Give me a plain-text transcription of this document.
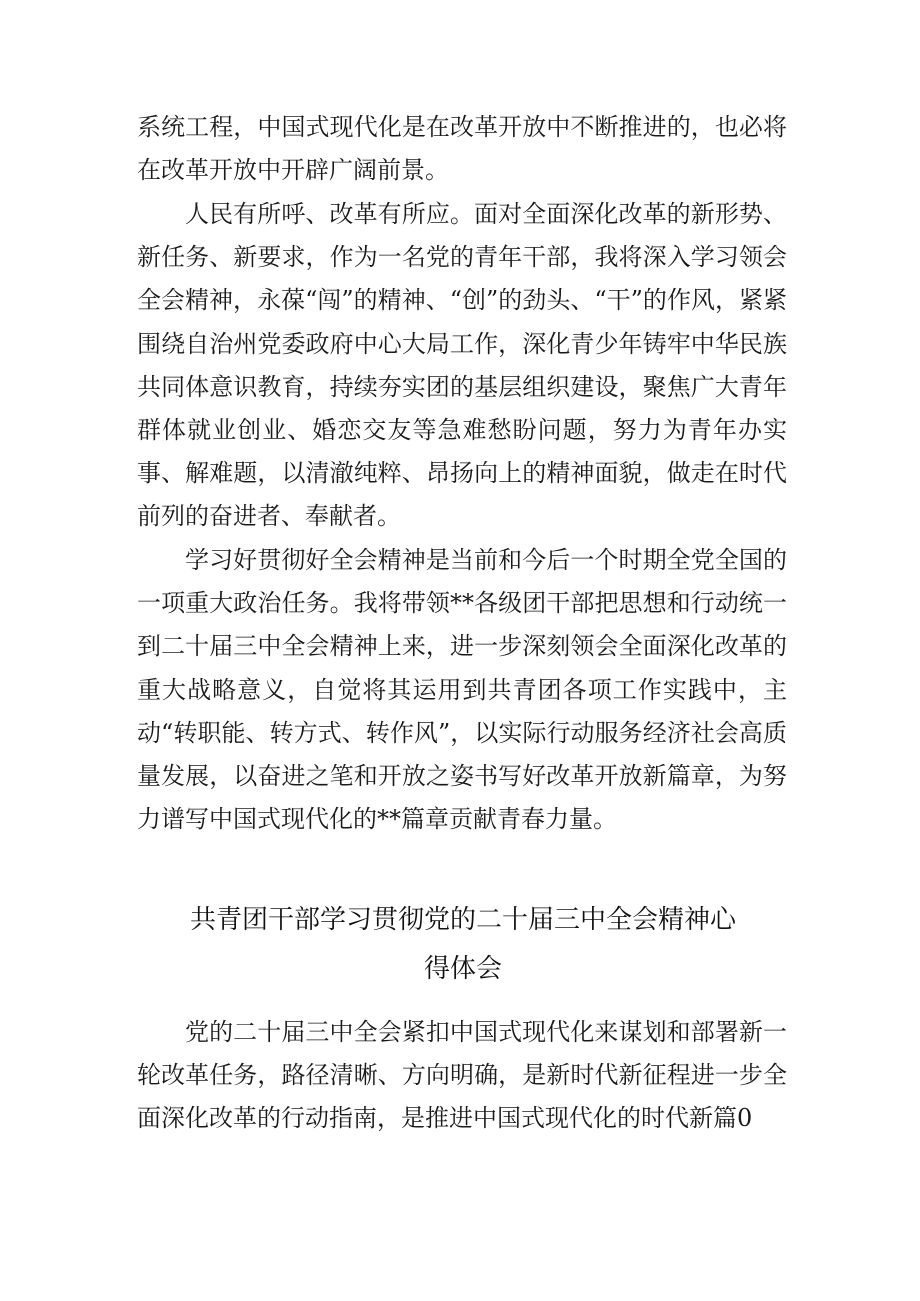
系统工程，中国式现代化是在改革开放中不断推进的，也必将在改革开放中开辟广阔前景。

人民有所呼、改革有所应。面对全面深化改革的新形势、新任务、新要求，作为一名党的青年干部，我将深入学习领会全会精神，永葆“闯”的精神、“创”的劲头、“干”的作风，紧紧围绕自治州党委政府中心大局工作，深化青少年铸牢中华民族共同体意识教育，持续夯实团的基层组织建设，聚焦广大青年群体就业创业、婚恋交友等急难愁盼问题，努力为青年办实事、解难题，以清澈纯粹、昂扬向上的精神面貌，做走在时代前列的奋进者、奉献者。

学习好贯彻好全会精神是当前和今后一个时期全党全国的一项重大政治任务。我将带领**各级团干部把思想和行动统一到二十届三中全会精神上来，进一步深刻领会全面深化改革的重大战略意义，自觉将其运用到共青团各项工作实践中，主动“转职能、转方式、转作风”，以实际行动服务经济社会高质量发展，以奋进之笔和开放之姿书写好改革开放新篇章，为努力谱写中国式现代化的**篇章贡献青春力量。

共青团干部学习贯彻党的二十届三中全会精神心得体会

党的二十届三中全会紧扣中国式现代化来谋划和部署新一轮改革任务，路径清晰、方向明确，是新时代新征程进一步全面深化改革的行动指南，是推进中国式现代化的时代新篇0
